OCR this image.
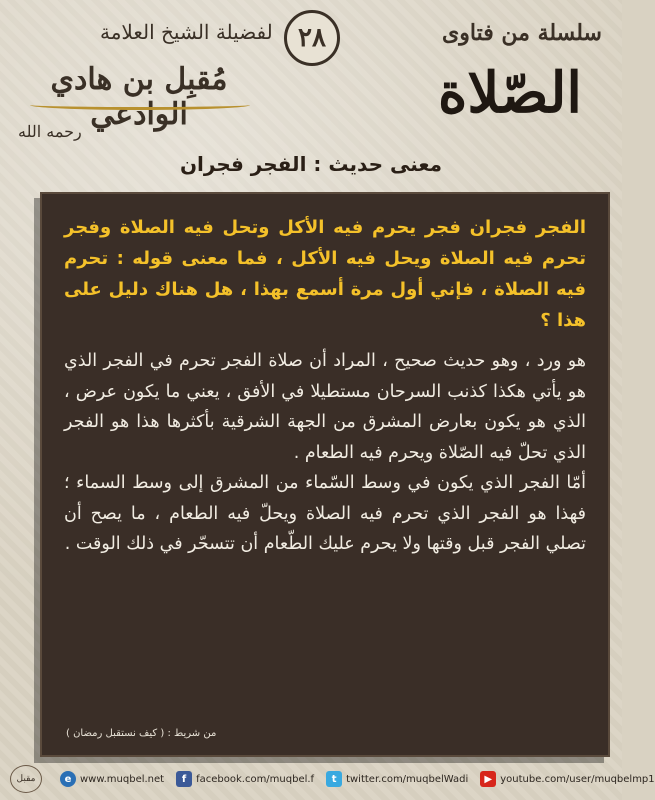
سلسلة من فتاوى
٢٨
لفضيلة الشيخ العلامة
الصّلاة
مُقبِل بن هادي الوادعي
رحمه الله
معنى حديث : الفجر فجران
الفجر فجران فجر يحرم فيه الأكل وتحل فيه الصلاة وفجر تحرم فيه الصلاة ويحل فيه الأكل ، فما معنى قوله : تحرم فيه الصلاة ، فإني أول مرة أسمع بهذا ، هل هناك دليل على هذا ؟

هو ورد ، وهو حديث صحيح ، المراد أن صلاة الفجر تحرم في الفجر الذي هو يأتي هكذا كذنب السرحان مستطيلا في الأفق ، يعني ما يكون عرض ، الذي هو يكون بعارض المشرق من الجهة الشرقية بأكثرها هذا هو الفجر الذي تحلّ فيه الصّلاة ويحرم فيه الطعام .

أمّا الفجر الذي يكون في وسط السّماء من المشرق إلى وسط السماء ؛ فهذا هو الفجر الذي تحرم فيه الصلاة ويحلّ فيه الطعام ، ما يصح أن تصلي الفجر قبل وقتها ولا يحرم عليك الطّعام أن تتسحّر في ذلك الوقت .

من شريط : ( كيف نستقبل رمضان )
مقبل	e www.muqbel.net	f facebook.com/muqbel.f	t twitter.com/muqbelWadi	▶ youtube.com/user/muqbelmp1
